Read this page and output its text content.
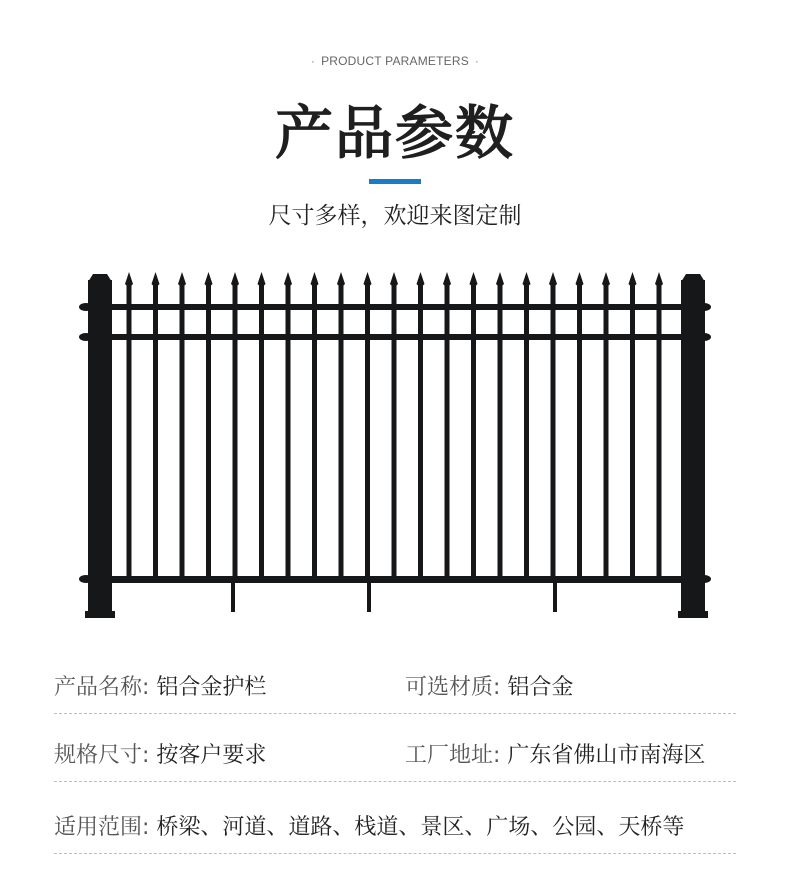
· PRODUCT PARAMETERS ·
产品参数
尺寸多样，欢迎来图定制
产品名称: 铝合金护栏	可选材质: 铝合金
规格尺寸: 按客户要求	工厂地址: 广东省佛山市南海区
适用范围: 桥梁、河道、道路、栈道、景区、广场、公园、天桥等
